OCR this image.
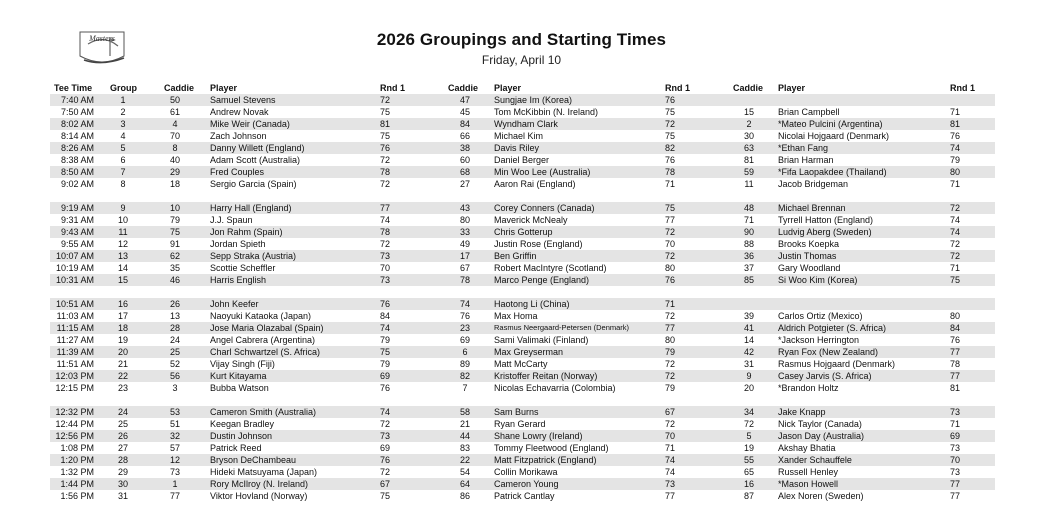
Masters	2026 Groupings and Starting Times
Friday, April 10
Tee Time	Group	Caddie Player	Rnd 1	Caddie Player	Rnd 1	Caddie Player	Rnd 1
7:40 AM	1	50	Samuel Stevens	72	47	Sungjae Im (Korea)	76
7:50 AM	2	61	Andrew Novak	75	45	Tom McKibbin (N. Ireland)	75	15	Brian Campbell	71
8:02 AM	3	4	Mike Weir (Canada)	81	84	Wyndham Clark	72	2	*Mateo Pulcini (Argentina)	81
8:14 AM	4	70	Zach Johnson	75	66	Michael Kim	75	30	Nicolai Hojgaard (Denmark)	76
8:26 AM	5	8	Danny Willett (England)	76	38	Davis Riley	82	63	*Ethan Fang	74
8:38 AM	6	40	Adam Scott (Australia)	72	60	Daniel Berger	76	81	Brian Harman	79
8:50 AM	7	29	Fred Couples	78	68	Min Woo Lee (Australia)	78	59	*Fifa Laopakdee (Thailand)	80
9:02 AM	8	18	Sergio Garcia (Spain)	72	27	Aaron Rai (England)	71	11	Jacob Bridgeman	71
9:19 AM	9	10	Harry Hall (England)	77	43	Corey Conners (Canada)	75	48	Michael Brennan	72
9:31 AM	10	79	J.J. Spaun	74	80	Maverick McNealy	77	71	Tyrrell Hatton (England)	74
9:43 AM	11	75	Jon Rahm (Spain)	78	33	Chris Gotterup	72	90	Ludvig Aberg (Sweden)	74
9:55 AM	12	91	Jordan Spieth	72	49	Justin Rose (England)	70	88	Brooks Koepka	72
10:07 AM	13	62	Sepp Straka (Austria)	73	17	Ben Griffin	72	36	Justin Thomas	72
10:19 AM	14	35	Scottie Scheffler	70	67	Robert MacIntyre (Scotland)	80	37	Gary Woodland	71
10:31 AM	15	46	Harris English	73	78	Marco Penge (England)	76	85	Si Woo Kim (Korea)	75
10:51 AM	16	26	John Keefer	76	74	Haotong Li (China)	71
11:03 AM	17	13	Naoyuki Kataoka (Japan)	84	76	Max Homa	72	39	Carlos Ortiz (Mexico)	80
11:15 AM	18	28	Jose Maria Olazabal (Spain)	74	23	Rasmus Neergaard-Petersen (Denmark)	77	41	Aldrich Potgieter (S. Africa)	84
11:27 AM	19	24	Angel Cabrera (Argentina)	79	69	Sami Valimaki (Finland)	80	14	*Jackson Herrington	76
11:39 AM	20	25	Charl Schwartzel (S. Africa)	75	6	Max Greyserman	79	42	Ryan Fox (New Zealand)	77
11:51 AM	21	52	Vijay Singh (Fiji)	79	89	Matt McCarty	72	31	Rasmus Hojgaard (Denmark)	78
12:03 PM	22	56	Kurt Kitayama	69	82	Kristoffer Reitan (Norway)	72	9	Casey Jarvis (S. Africa)	77
12:15 PM	23	3	Bubba Watson	76	7	Nicolas Echavarria (Colombia)	79	20	*Brandon Holtz	81
12:32 PM	24	53	Cameron Smith (Australia)	74	58	Sam Burns	67	34	Jake Knapp	73
12:44 PM	25	51	Keegan Bradley	72	21	Ryan Gerard	72	72	Nick Taylor (Canada)	71
12:56 PM	26	32	Dustin Johnson	73	44	Shane Lowry (Ireland)	70	5	Jason Day (Australia)	69
1:08 PM	27	57	Patrick Reed	69	83	Tommy Fleetwood (England)	71	19	Akshay Bhatia	73
1:20 PM	28	12	Bryson DeChambeau	76	22	Matt Fitzpatrick (England)	74	55	Xander Schauffele	70
1:32 PM	29	73	Hideki Matsuyama (Japan)	72	54	Collin Morikawa	74	65	Russell Henley	73
1:44 PM	30	1	Rory McIlroy (N. Ireland)	67	64	Cameron Young	73	16	*Mason Howell	77
1:56 PM	31	77	Viktor Hovland (Norway)	75	86	Patrick Cantlay	77	87	Alex Noren (Sweden)	77
